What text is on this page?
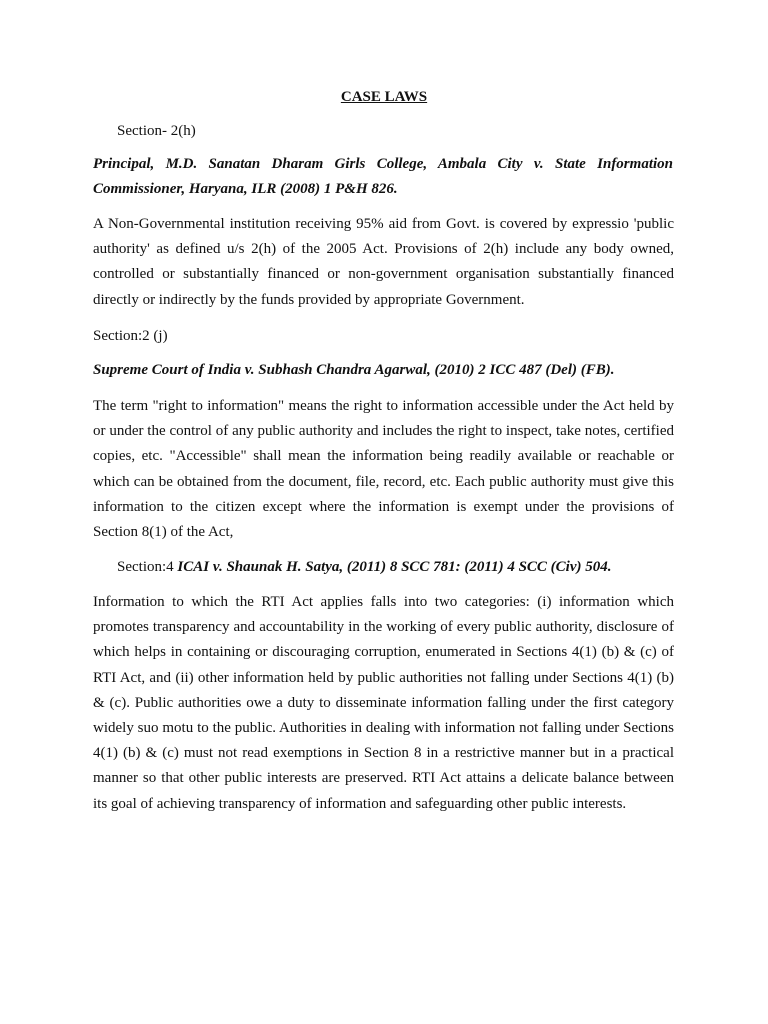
CASE LAWS
Section- 2(h)
Principal, M.D. Sanatan Dharam Girls College, Ambala City v. State Information Commissioner, Haryana, ILR (2008) 1 P&H 826.
A Non-Governmental institution receiving 95% aid from Govt. is covered by expressio 'public authority' as defined u/s 2(h) of the 2005 Act. Provisions of 2(h) include any body owned, controlled or substantially financed or non-government organisation substantially financed directly or indirectly by the funds provided by appropriate Government.
Section:2 (j)
Supreme Court of India v. Subhash Chandra Agarwal, (2010) 2 ICC 487 (Del) (FB).
The term "right to information" means the right to information accessible under the Act held by or under the control of any public authority and includes the right to inspect, take notes, certified copies, etc. "Accessible" shall mean the information being readily available or reachable or which can be obtained from the document, file, record, etc. Each public authority must give this information to the citizen except where the information is exempt under the provisions of Section 8(1) of the Act,
Section:4 ICAI v. Shaunak H. Satya, (2011) 8 SCC 781: (2011) 4 SCC (Civ) 504.
Information to which the RTI Act applies falls into two categories: (i) information which promotes transparency and accountability in the working of every public authority, disclosure of which helps in containing or discouraging corruption, enumerated in Sections 4(1) (b) & (c) of RTI Act, and (ii) other information held by public authorities not falling under Sections 4(1) (b) & (c). Public authorities owe a duty to disseminate information falling under the first category widely suo motu to the public. Authorities in dealing with information not falling under Sections 4(1) (b) & (c) must not read exemptions in Section 8 in a restrictive manner but in a practical manner so that other public interests are preserved. RTI Act attains a delicate balance between its goal of achieving transparency of information and safeguarding other public interests.
